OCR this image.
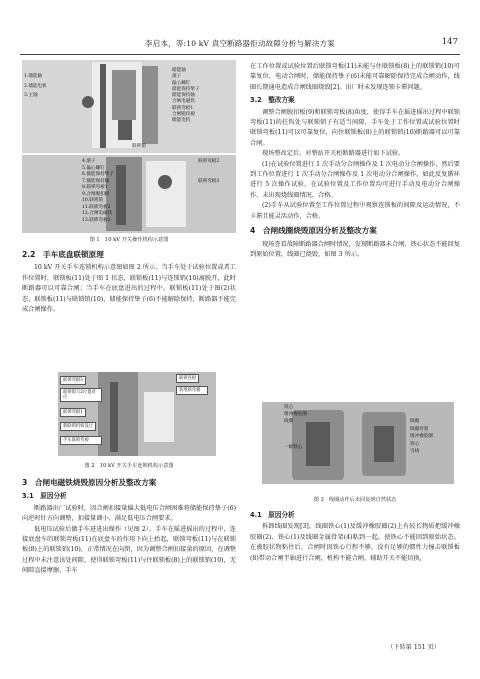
李启本，等:10 kV 真空断路器拒动故障分析与解决方案	147
1.储能轴
2.储能电机
3.主轴
储能轴
滚子
偏心螺钉
储能保持挚子
储能保持轴
合闸电磁铁
联锁弯板1
合闸脱扣板
储能电机
联锁销
4.滚子
5.偏心螺钉
6.储能保持挚子
7.储能保持轴
8.联锁弯板1
9.合闸脱扣板
10.联锁销
11.联锁弯板2
12.合闸电磁铁
13.联锁弯板3
联锁弯板2
联锁弯板3
图 1　10 kV 开关操作机构示意图
2.2　手车底盘联锁原理

10 kV 开关手车连锁机构示意图如图 2 所示。当手车处于试验位置或者工作位置时，联锁板(11)处于图 1 状态，联锁板(11)与连锁销(10)离脱开，此时断路器可以可靠合闸；当手车在底盘进出的过程中，联锁板(11)处于图(2)状态，联锁板(11)与联锁销(10)，储能保持挚子(6)不能解除保持，断路器不能完成合闸操作。

联锁弯板3
联锁销与2位置对应
联锁弯板1
新联锁机构设计
手车联锁弯板
联锁连板
新增新弯板
图 2　10 kV 开关手车连锁机构示意图
3　合闸电磁铁烧毁原因分析及整改方案
3.1　原因分析

断路器出厂试验时，因合闸扣接量偏大低电压合闸困难将储能保持挚子(6)向逆时针方向调整，扣接量调小，满足低电压合闸要求。

低电压试验后做手车进进出操作（见图 2）。手车在摇进摇出的过程中，连接底盘车的联锁弯板(11)在底盘车的作用下向上抬起，联锁弯板(11)与在联锁板(8)上的联锁销(10)，正常情况在向閉，因为调整合闸扣接量的原因，在调整过程中未注意该处间隙，使得联锁弯板(11)与住联锁板(8)上的联锁销(10)，无间隙直接摩擦，手车

在工作位置或试验位置后联锁弯板(11)未能与住联锁板(8)上的联锁销(10)可靠复位，电动合闸时，储能保持挚子(6)未能可靠解除保持完成合闸动作，线圈长期通电造成合闸线圈烧毁[2]。出厂时未发现连锁卡滞问题。

3.2　整改方案

调整合闸脱扣板(9)和联锁弯板(8)角度，使得手车在摇进摇出过程中联锁弯板(11)的拄钩处与联锁销子有适当间隙，手车处于工作位置或试验位置时联锁弯板(11)可以可靠复位，向住联锁板(8)上的联锁销(10)断路器可以可靠合闸。

现场整改定后，对整站开关柜断路器进行如下试验。

(1)在试验位置进行 1 次手动分合闸操作及 1 次电动分合闸操作，然后要到工作位置进行 1 次手动分合闸操作及 1 次电动分合闸操作，如此反复循环进行 5 次操作试验，在试验位置及工作位置均可进行手动及电动分合闸操作，未出现烧线圈情况，合格。

(2)手车从试验位置至工作位置过程中观察连锁板的间隙及运动情况，不卡滞且能灵活动作，合格。

4　合闸线圈烧毁原因分析及整改方案

现场查看故障断路器合闸时情况，发现断路器未合闸，铁心状态不能回复到原始位置，线圈已烧毁，如图 3 所示。

铁心
缓冲橡胶圈
线圈
一级铁心
线圈
线圈骨架
缓冲橡胶圈
铁心
引线
图 3　线圈动作后未回复到自然状态
4.1　原因分析

拆卸线圈发现[3]，线圈铁心(1)及缓冲橡胶圈(2)上有较长物质把缓冲橡胶圈(2)、铁心(1)及线圈金属骨架(4)粘到一起，使铁心不能回到原始状态。在被胶状物粘住后，合闸时因铁心行程不够，没有足够的惯性力撞击联锁板(8)带动合闸半轴进行合闸，机构不能合闸，辅助开关不能切换，

（下转第 151 页）
